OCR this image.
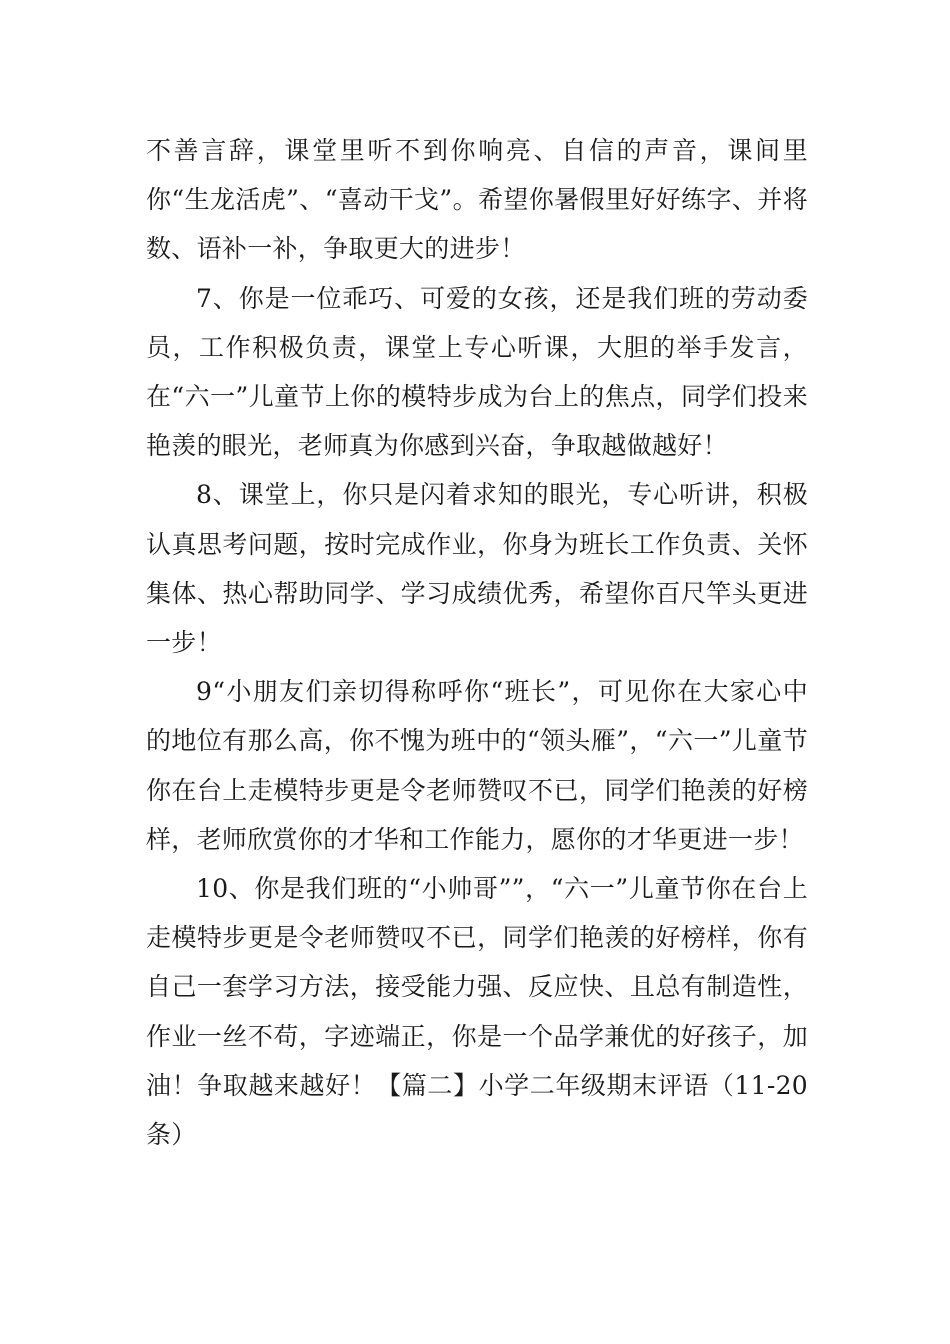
不善言辞，课堂里听不到你响亮、自信的声音，课间里你“生龙活虎”、“喜动干戈”。希望你暑假里好好练字、并将数、语补一补，争取更大的进步！

7、你是一位乖巧、可爱的女孩，还是我们班的劳动委员，工作积极负责，课堂上专心听课，大胆的举手发言，在“六一”儿童节上你的模特步成为台上的焦点，同学们投来艳羡的眼光，老师真为你感到兴奋，争取越做越好！

8、课堂上，你只是闪着求知的眼光，专心听讲，积极认真思考问题，按时完成作业，你身为班长工作负责、关怀集体、热心帮助同学、学习成绩优秀，希望你百尺竿头更进一步！

9“小朋友们亲切得称呼你“班长”，可见你在大家心中的地位有那么高，你不愧为班中的“领头雁”，“六一”儿童节你在台上走模特步更是令老师赞叹不已，同学们艳羡的好榜样，老师欣赏你的才华和工作能力，愿你的才华更进一步！

10、你是我们班的“小帅哥””，“六一”儿童节你在台上走模特步更是令老师赞叹不已，同学们艳羡的好榜样，你有自己一套学习方法，接受能力强、反应快、且总有制造性，作业一丝不苟，字迹端正，你是一个品学兼优的好孩子，加油！争取越来越好！【篇二】小学二年级期末评语（11-20条）
